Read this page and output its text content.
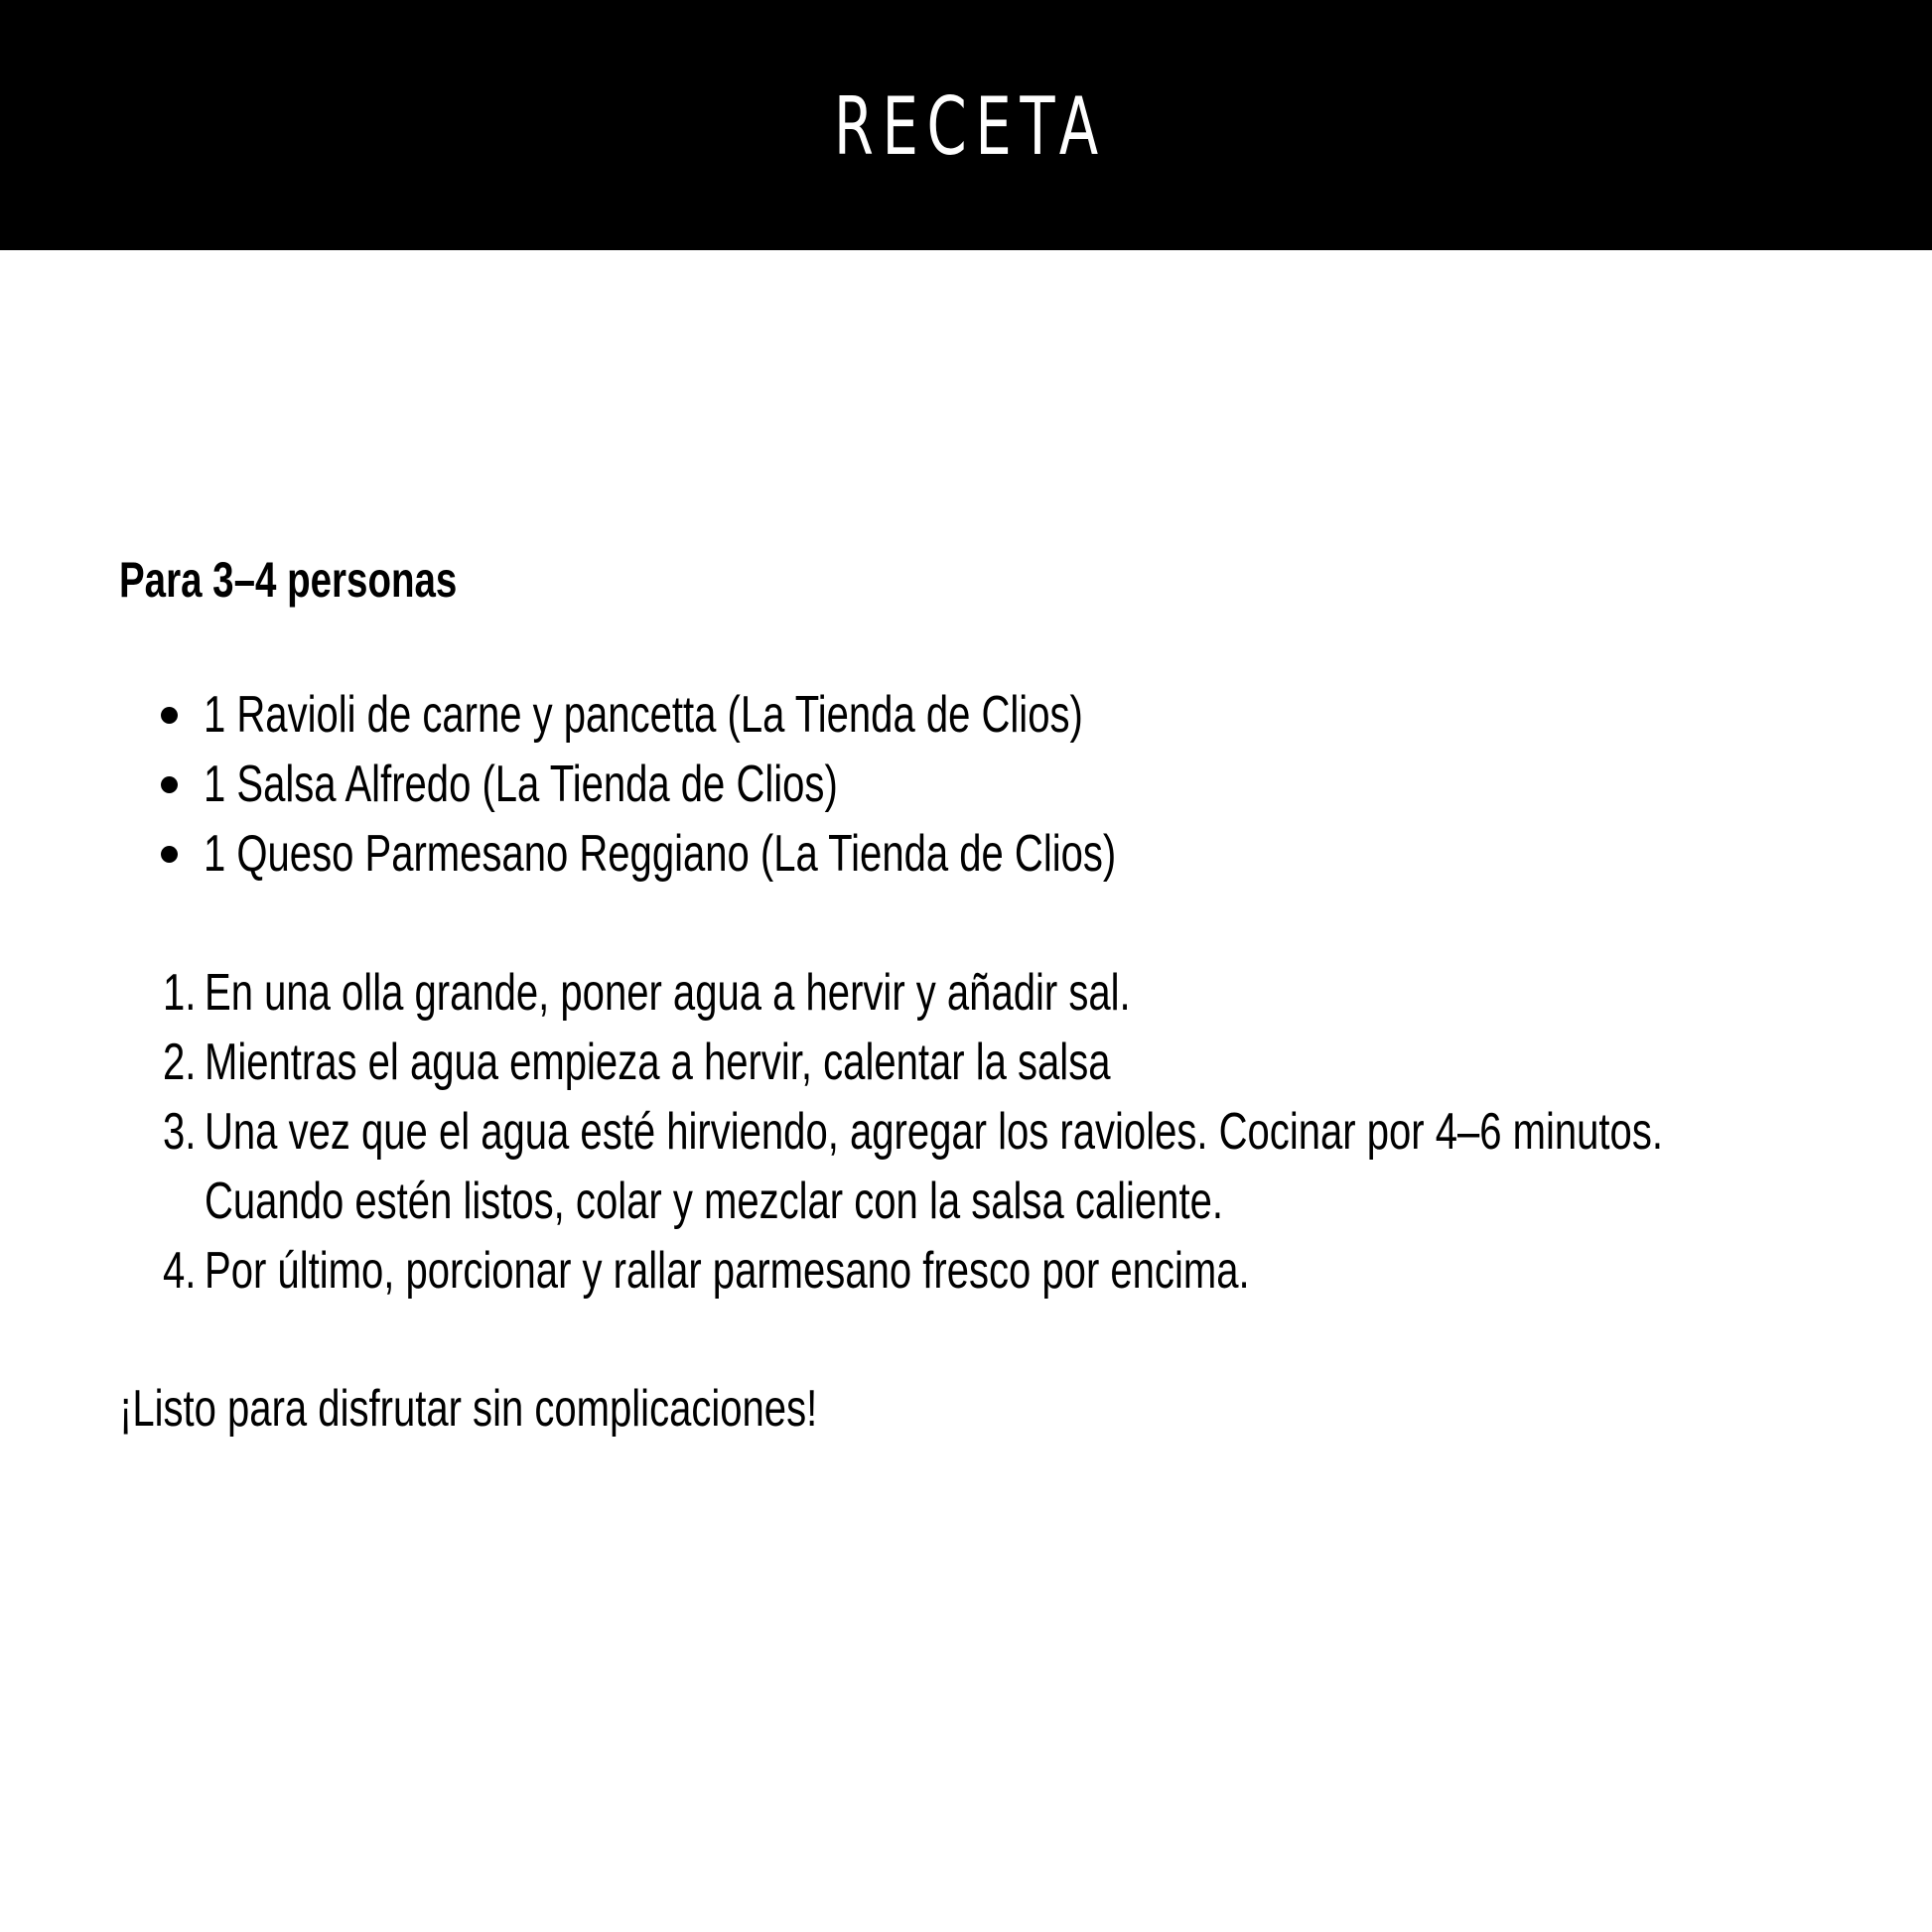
RECETA
Para 3–4 personas
1 Ravioli de carne y pancetta (La Tienda de Clios)
1 Salsa Alfredo (La Tienda de Clios)
1 Queso Parmesano Reggiano (La Tienda de Clios)
1. En una olla grande, poner agua a hervir y añadir sal.
2. Mientras el agua empieza a hervir, calentar la salsa
3. Una vez que el agua esté hirviendo, agregar los ravioles. Cocinar por 4–6 minutos.
Cuando estén listos, colar y mezclar con la salsa caliente.
4. Por último, porcionar y rallar parmesano fresco por encima.
¡Listo para disfrutar sin complicaciones!
